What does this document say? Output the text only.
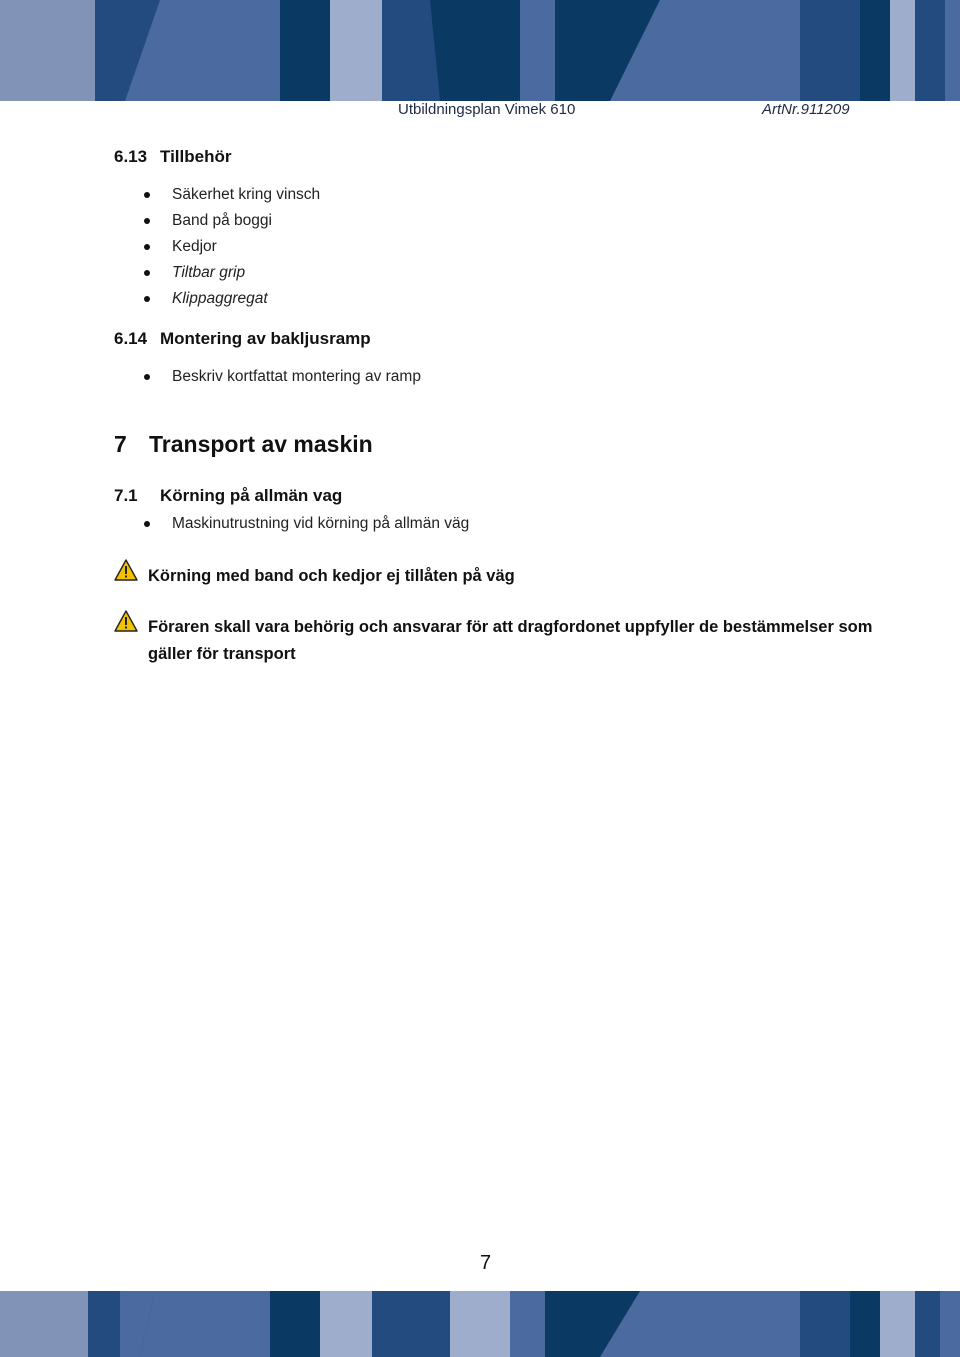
Utbildningsplan Vimek 610	ArtNr.911209
6.13 Tillbehör
Säkerhet kring vinsch
Band på boggi
Kedjor
Tiltbar grip
Klippaggregat
6.14 Montering av bakljusramp
Beskriv kortfattat montering av ramp
7 Transport av maskin
7.1 Körning på allmän vag
Maskinutrustning vid körning på allmän väg
Körning med band och kedjor ej tillåten på väg
Föraren skall vara behörig och ansvarar för att dragfordonet uppfyller de bestämmelser som gäller för transport
7
